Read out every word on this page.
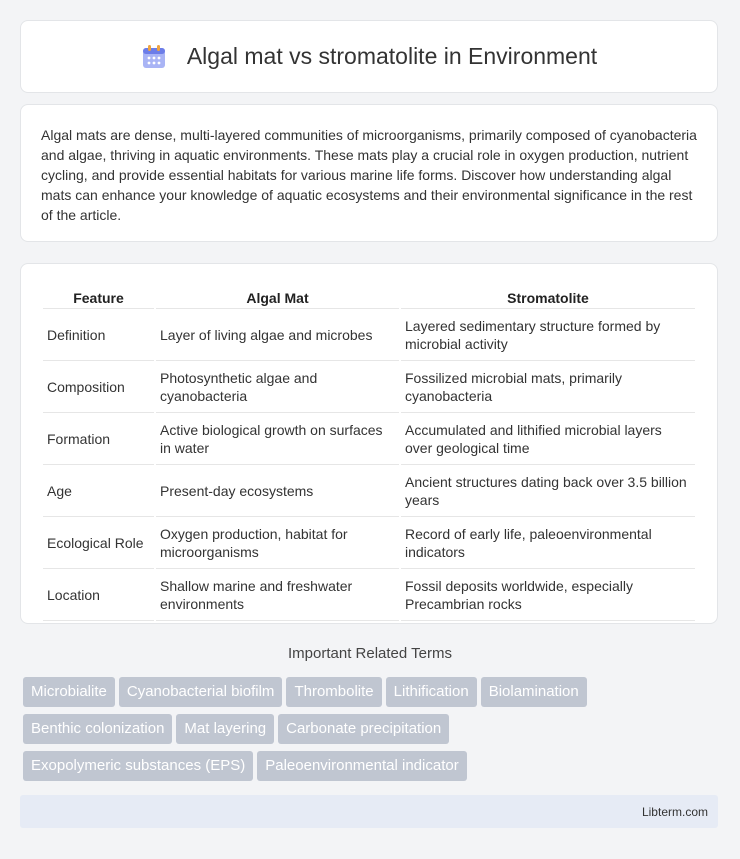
Algal mat vs stromatolite in Environment

Algal mats are dense, multi-layered communities of microorganisms, primarily composed of cyanobacteria and algae, thriving in aquatic environments. These mats play a crucial role in oxygen production, nutrient cycling, and provide essential habitats for various marine life forms. Discover how understanding algal mats can enhance your knowledge of aquatic ecosystems and their environmental significance in the rest of the article.

Feature	Algal Mat	Stromatolite
Definition	Layer of living algae and microbes	Layered sedimentary structure formed by microbial activity
Composition	Photosynthetic algae and cyanobacteria	Fossilized microbial mats, primarily cyanobacteria
Formation	Active biological growth on surfaces in water	Accumulated and lithified microbial layers over geological time
Age	Present-day ecosystems	Ancient structures dating back over 3.5 billion years
Ecological Role	Oxygen production, habitat for microorganisms	Record of early life, paleoenvironmental indicators
Location	Shallow marine and freshwater environments	Fossil deposits worldwide, especially Precambrian rocks
Important Related Terms
Microbialite Cyanobacterial biofilm Thrombolite Lithification Biolamination
Benthic colonization Mat layering Carbonate precipitation
Exopolymeric substances (EPS) Paleoenvironmental indicator
Libterm.com
